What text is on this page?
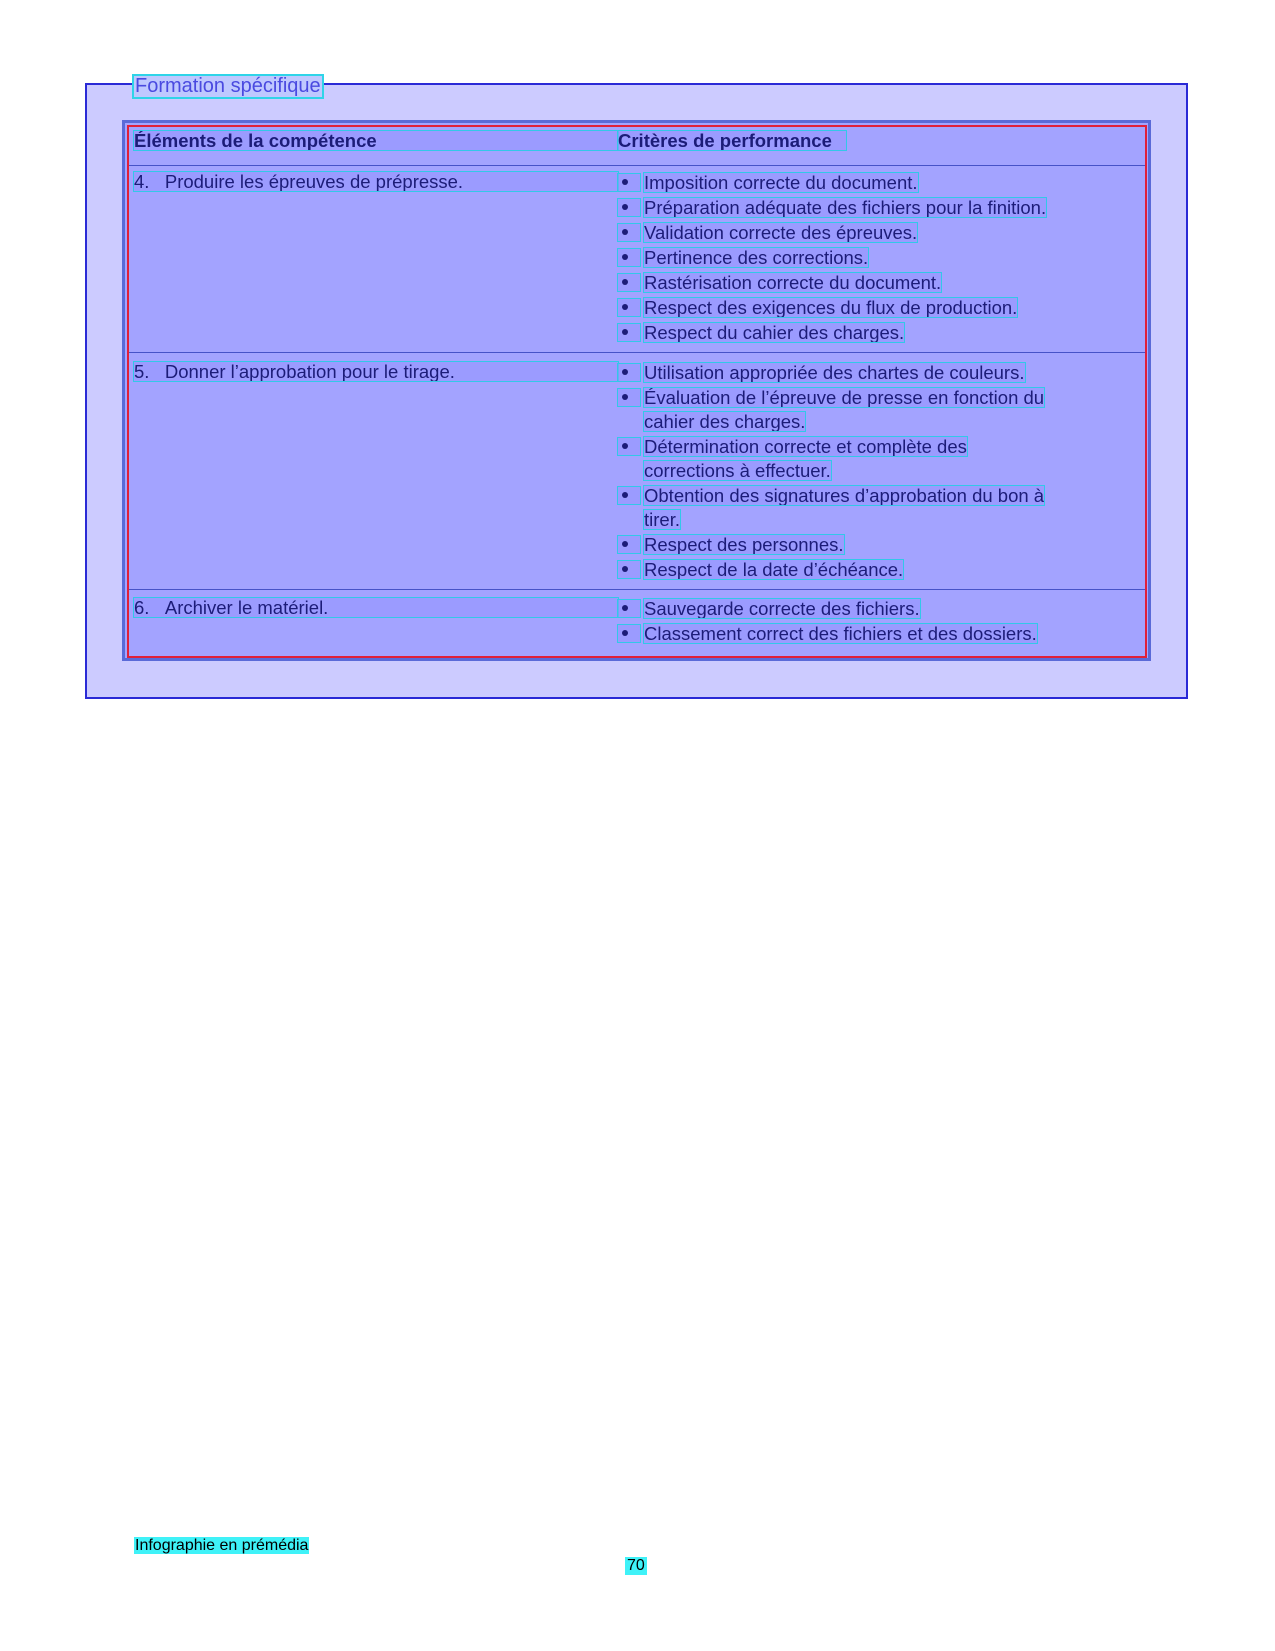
Formation spécifique
Éléments de la compétence	Critères de performance
4.   Produire les épreuves de prépresse.	Imposition correcte du document.
Préparation adéquate des fichiers pour la finition.
Validation correcte des épreuves.
Pertinence des corrections.
Rastérisation correcte du document.
Respect des exigences du flux de production.
Respect du cahier des charges.
5.   Donner l’approbation pour le tirage.	Utilisation appropriée des chartes de couleurs.
Évaluation de l’épreuve de presse en fonction du
cahier des charges.
Détermination correcte et complète des
corrections à effectuer.
Obtention des signatures d’approbation du bon à
tirer.
Respect des personnes.
Respect de la date d’échéance.
6.   Archiver le matériel.	Sauvegarde correcte des fichiers.
Classement correct des fichiers et des dossiers.
Infographie en prémédia
70
